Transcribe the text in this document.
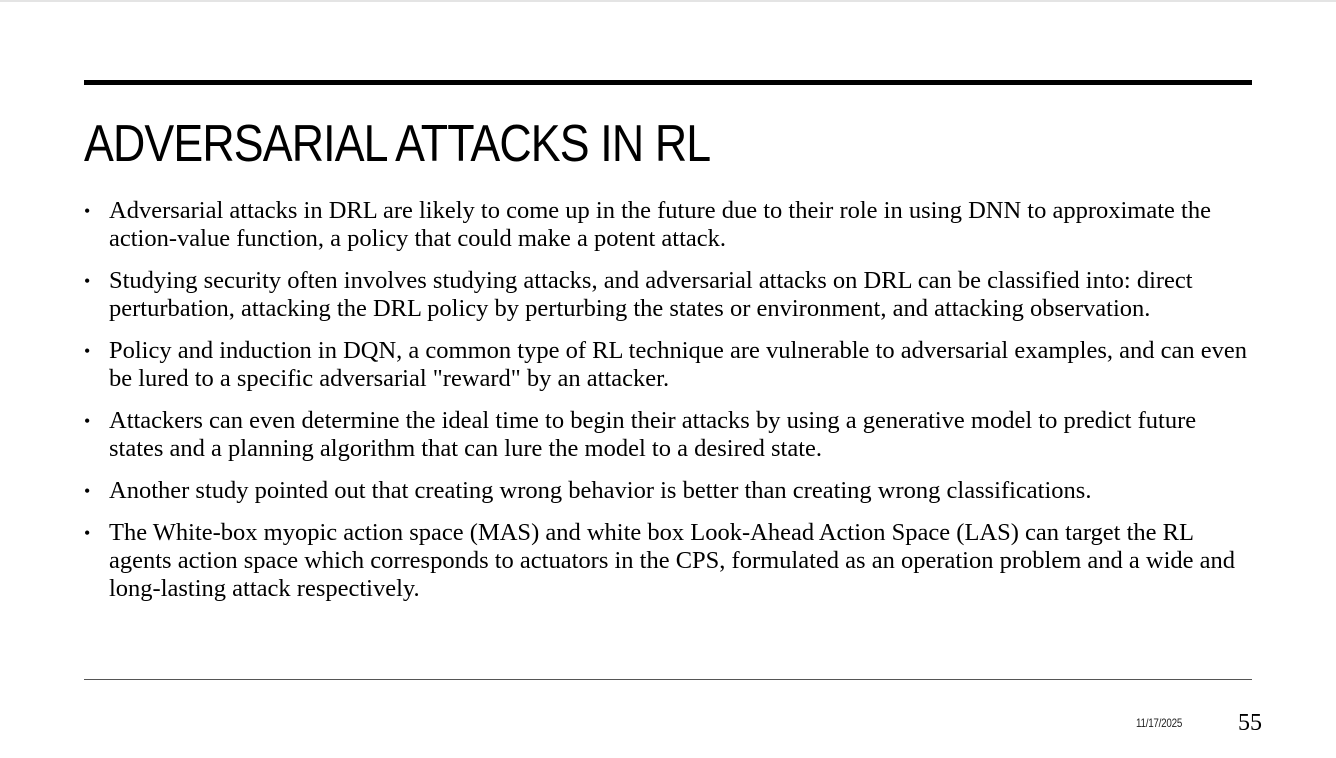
ADVERSARIAL ATTACKS IN RL
• Adversarial attacks in DRL are likely to come up in the future due to their role in using DNN to approximate the action-value function, a policy that could make a potent attack.
• Studying security often involves studying attacks, and adversarial attacks on DRL can be classified into: direct perturbation, attacking the DRL policy by perturbing the states or environment, and attacking observation.
• Policy and induction in DQN, a common type of RL technique are vulnerable to adversarial examples, and can even be lured to a specific adversarial "reward" by an attacker.
• Attackers can even determine the ideal time to begin their attacks by using a generative model to predict future states and a planning algorithm that can lure the model to a desired state.
• Another study pointed out that creating wrong behavior is better than creating wrong classifications.
• The White-box myopic action space (MAS) and white box Look-Ahead Action Space (LAS) can target the RL agents action space which corresponds to actuators in the CPS, formulated as an operation problem and a wide and long-lasting attack respectively.
11/17/2025 55
